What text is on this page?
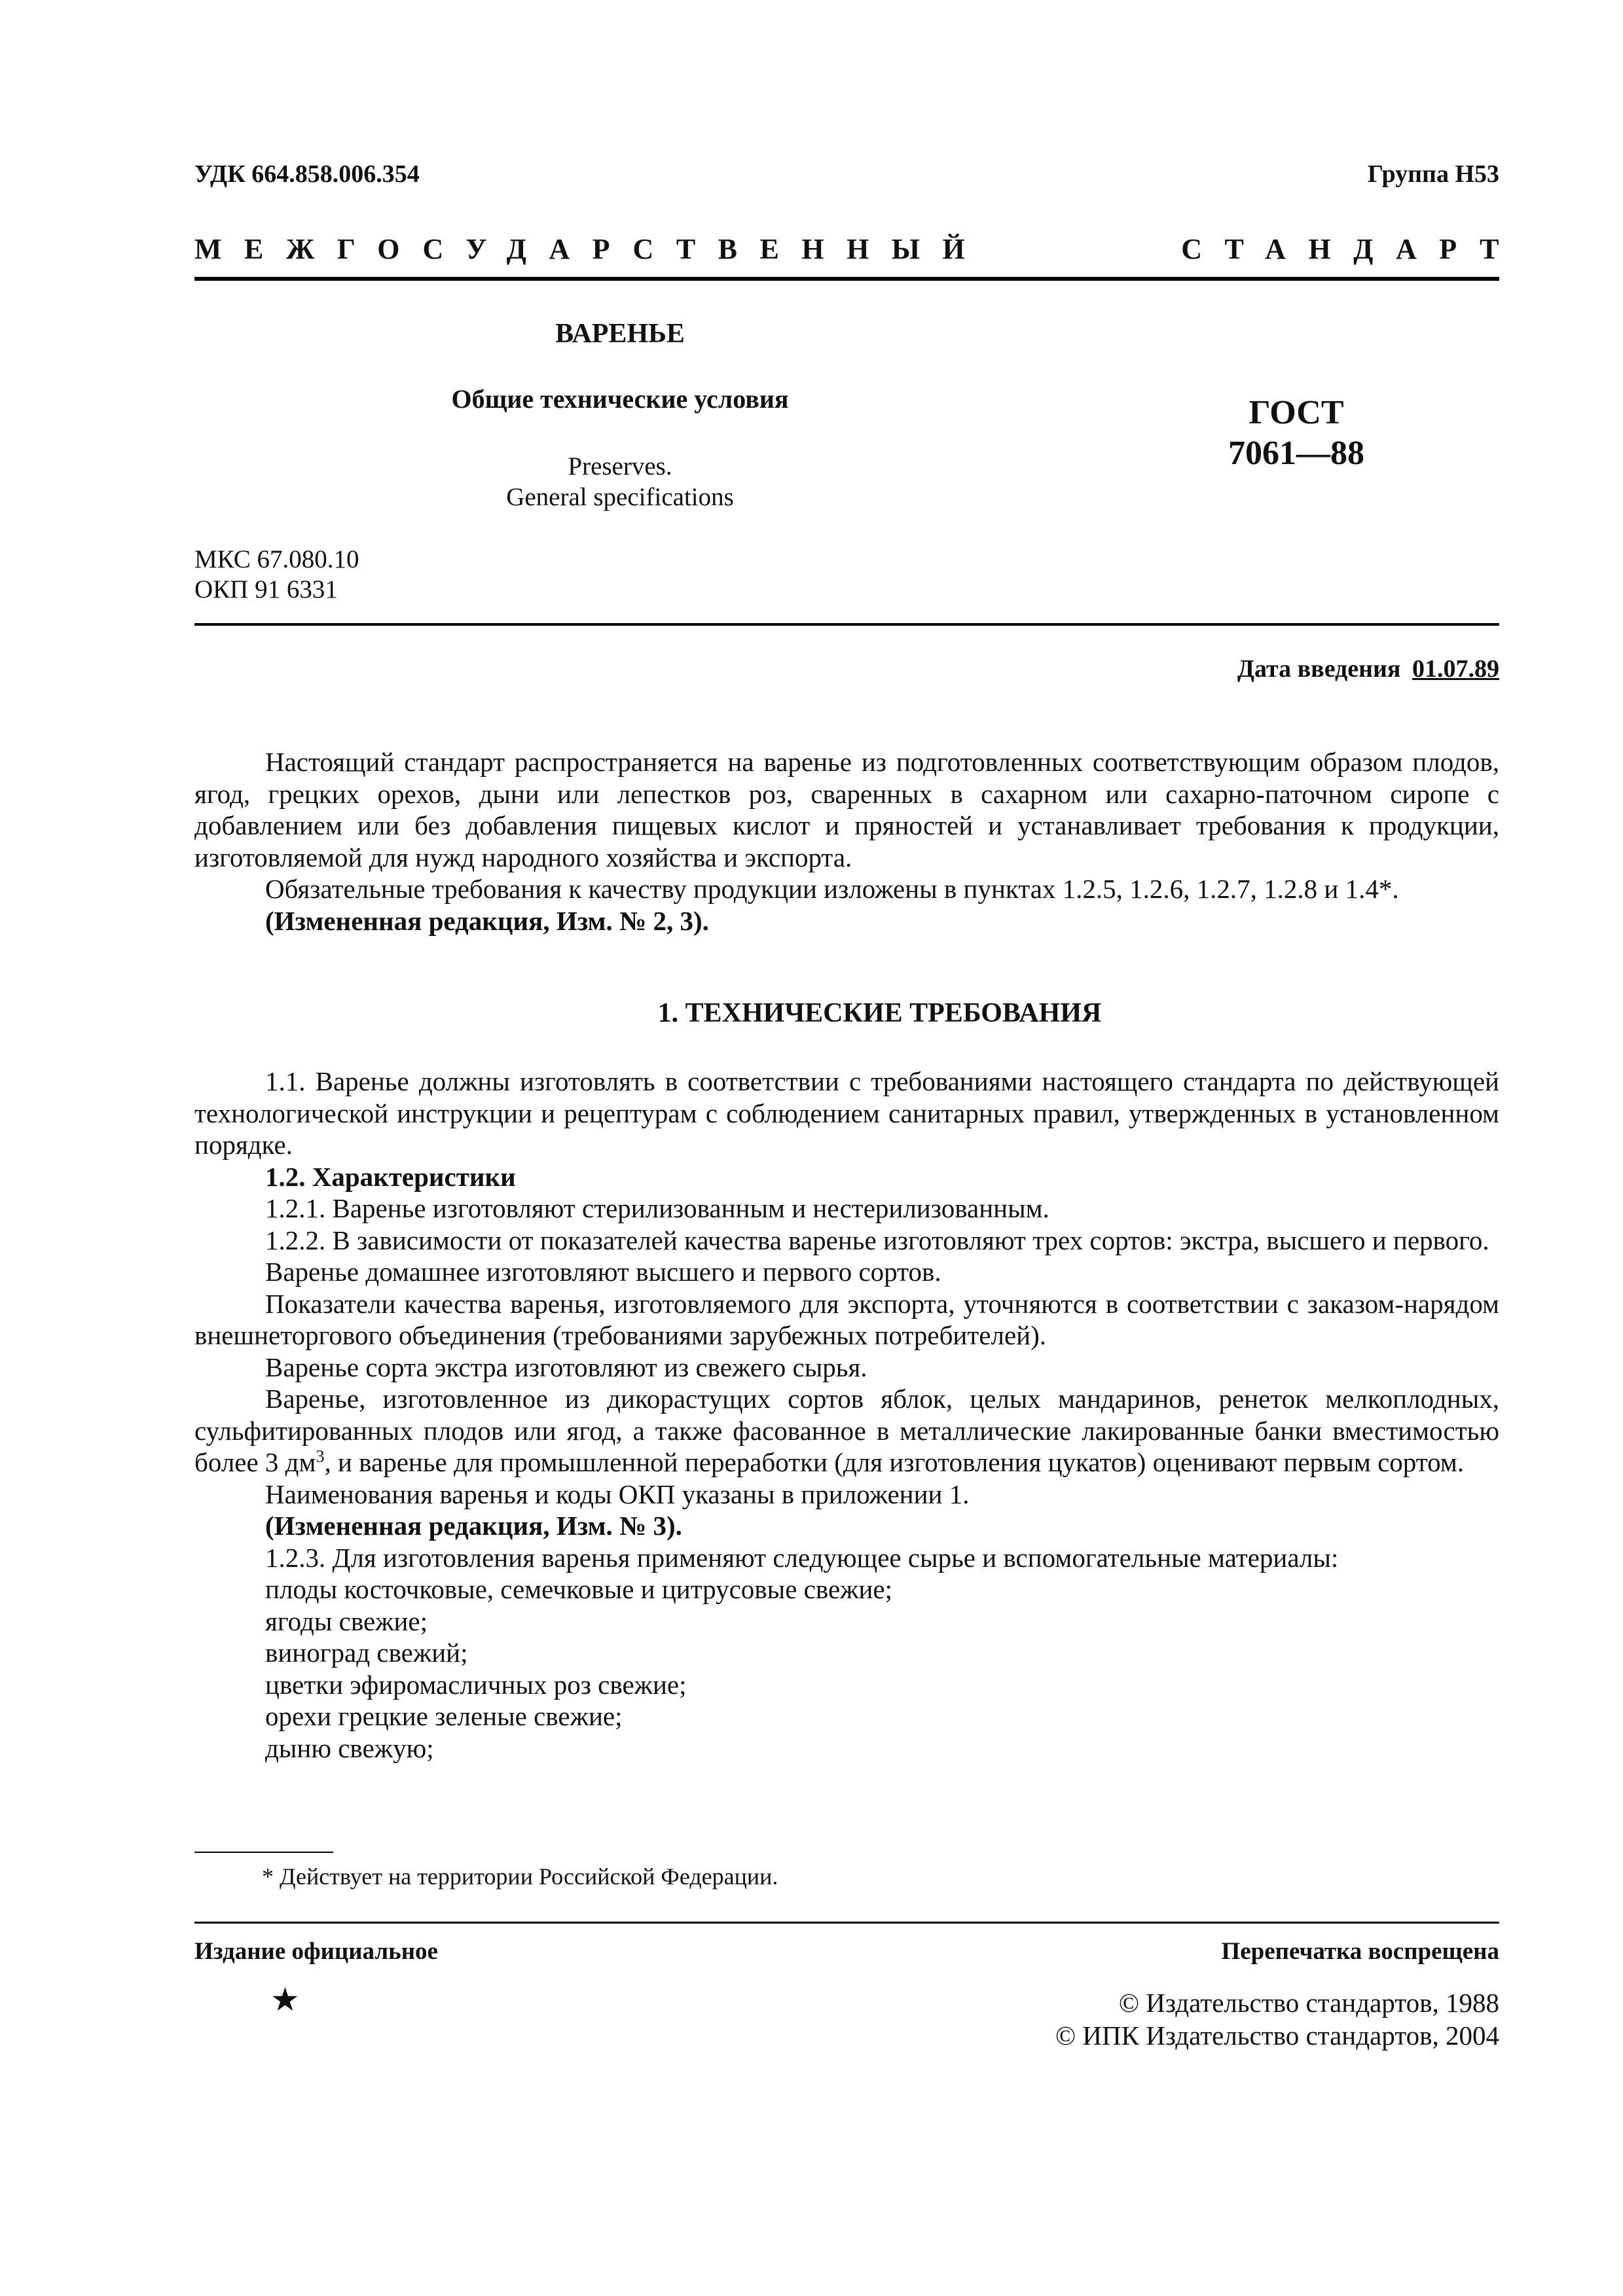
УДК 664.858.006.354	Группа Н53
МЕЖГОСУДАРСТВЕННЫЙ	СТАНДАРТ
ВАРЕНЬЕ
Общие технические условия
Preserves.
General specifications
ГОСТ
7061—88
МКС 67.080.10
ОКП 91 6331
Дата введения 01.07.89

Настоящий стандарт распространяется на варенье из подготовленных соответствующим образом плодов, ягод, грецких орехов, дыни или лепестков роз, сваренных в сахарном или сахарно-паточном сиропе с добавлением или без добавления пищевых кислот и пряностей и устанавливает требования к продукции, изготовляемой для нужд народного хозяйства и экспорта.

Обязательные требования к качеству продукции изложены в пунктах 1.2.5, 1.2.6, 1.2.7, 1.2.8 и 1.4*.

(Измененная редакция, Изм. № 2, 3).

1. ТЕХНИЧЕСКИЕ ТРЕБОВАНИЯ

1.1. Варенье должны изготовлять в соответствии с требованиями настоящего стандарта по действующей технологической инструкции и рецептурам с соблюдением санитарных правил, утвержденных в установленном порядке.

1.2. Характеристики

1.2.1. Варенье изготовляют стерилизованным и нестерилизованным.

1.2.2. В зависимости от показателей качества варенье изготовляют трех сортов: экстра, высшего и первого.

Варенье домашнее изготовляют высшего и первого сортов.

Показатели качества варенья, изготовляемого для экспорта, уточняются в соответствии с заказом-нарядом внешнеторгового объединения (требованиями зарубежных потребителей).

Варенье сорта экстра изготовляют из свежего сырья.

Варенье, изготовленное из дикорастущих сортов яблок, целых мандаринов, ренеток мелкоплодных, сульфитированных плодов или ягод, а также фасованное в металлические лакированные банки вместимостью более 3 $дм^3$, и варенье для промышленной переработки (для изготовления цукатов) оценивают первым сортом.

Наименования варенья и коды ОКП указаны в приложении 1.

(Измененная редакция, Изм. № 3).

1.2.3. Для изготовления варенья применяют следующее сырье и вспомогательные материалы:

плоды косточковые, семечковые и цитрусовые свежие;

ягоды свежие;

виноград свежий;

цветки эфиромасличных роз свежие;

орехи грецкие зеленые свежие;

дыню свежую;

* Действует на территории Российской Федерации.
Издание официальное	Перепечатка воспрещена
★	© Издательство стандартов, 1988
© ИПК Издательство стандартов, 2004
